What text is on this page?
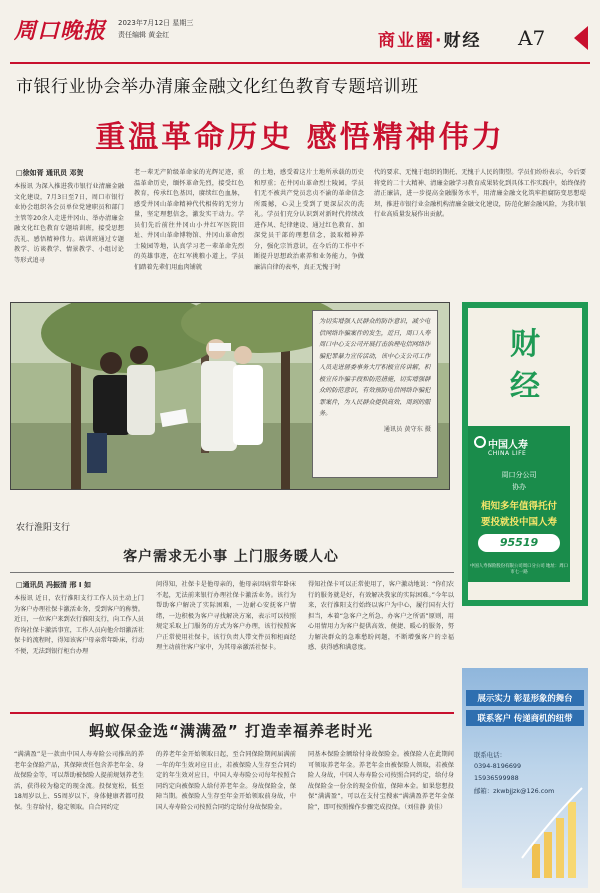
周口晚报 2023年7月12日 星期三
责任编辑 黄金红	商业圈·财经 A7
市银行业协会举办清廉金融文化红色教育专题培训班
重温革命历史 感悟精神伟力
□徐如胥 通讯员 邓贺
本报讯 为深入推进我市银行业清廉金融文化建设，7月3日至7日，周口市银行业协会组织各会员单位党建职员和部门主管等20余人走进井冈山、举办清廉金融文化红色教育专题培训班，接受思想洗礼、感悟精神伟力。培训班通过专题教学、访谈教学、情景教学、小组讨论等形式追寻
老一辈无产阶级革命家的光辉足迹，重温革命历史，缅怀革命先烈，接受红色教育，传承红色基因，赓续红色血脉，感受井冈山革命精神代代相传的无穷力量，坚定理想信念，激发实干动力。学员们先后前往井冈山小井红军医院旧址、井冈山革命博物馆、井冈山革命烈士陵园等地，认真学习老一辈革命先烈的英雄事迹，在红军挑粮小道上，学员们踏着先辈们用血肉铺就
的土地，感受着这片土地所承载的历史和厚重；在井冈山革命烈士陵园，学员们无不被共产党员忠贞不渝的革命信念所震撼，心灵上受到了更深层次的洗礼。学员们充分认识到对新时代持续改进作风、纪律建设、通过红色教育、加深党员干部的理想信念，汲取精神养分，强化宗旨意识，在今后的工作中不断提升思想政治素养和业务能力，争做廉洁自律的表率，真正无愧于时
代的要求、无愧于组织的期托、无愧于人民的期望。学员们纷纷表示，今后要将党的二十大精神、清廉金融学习教育成果转化到具体工作实践中，始终保持清正廉洁，进一步提高金融服务水平，用清廉金融文化筑牢拒腐防变思想堤坝，推进市银行业金融机构清廉金融文化建设，防范化解金融风险，为我市银行业高质量发展作出贡献。
为切实增强人民群众的防诈意识，减少电信网络诈骗案件的发生，近日，周口人寿周口中心支公司开展打击治理电信网络诈骗犯罪暴力宣传活动，该中心支公司工作人员走进居委事务大厅积极宣传讲解，积极宣传诈骗手段和防范措施，切实增强群众的防范意识，有效预防电信网络诈骗犯罪案件，为人民群众提供高效、周到的服务。
通讯员 黄守东 摄
财
经
中国人寿
CHINA LIFE
周口分公司
协办
相知多年值得托付
要投就投中国人寿
95519
中国人寿保险股份有限公司周口分公司 地址：周口市七一路
农行淮阳支行
客户需求无小事 上门服务暖人心
□通讯员 冯振清 邢 I 如
本报讯 近日，农行淮阳支行工作人员主动上门为客户办理社保卡激活业务，受到客户的称赞。近日，一位客户来到农行淮阳支行，向工作人员咨询社保卡激活事宜，工作人员向他介绍激活社保卡的流程时，得知该客户母亲常年卧床，行动不便，无法到银行柜台办理
问得知，社保卡是他母亲的，他母亲因病常年卧床不起，无法前来银行办理社保卡激活业务。该行为帮助客户解决了实际困难，一边耐心安抚客户情绪，一边积极为客户寻找解决方案，表示可以按照规定采取上门服务的方式为客户办理，该行按照客户正常使用社保卡，该行负责人带文件员和柜面经理主动前往客户家中，为其母亲激活社保卡。
得知社保卡可以正常使用了，客户激动地说：“你们农行的服务就是好，有效解决我家的实际困难。”今年以来，农行淮阳支行始终以客户为中心，履行国有大行担当，本着“急客户之所急，办客户之所需”原则，用心用情用力为客户提供高效、便捷、暖心的服务，努力解决群众的急难愁盼问题，不断增强客户的幸福感、获得感和满意度。
蚂蚁保金选“满满盈” 打造幸福养老时光
“满满盈”是一款由中国人寿寿险公司推出的养老年金保险产品，其保障责任包含养老年金、身故保险金等，可以帮助被保险人提前规划养老生活，获得较为稳定的现金流。投保宽松，低至18周岁以上、55周岁以下，身体健康者都可投保。生存给付，稳定领取。自合同约定
的养老年金开始领取日起，至合同保险期间届满前一年的年生效对应日止，若被保险人生存至合同约定的年生效对应日，中国人寿寿险公司每年按照合同约定向被保险人给付养老年金。身故保险金，保障当期。被保险人生存至年金开始领取前身故，中国人寿寿险公司按照合同约定给付身故保险金。
同基本保险金额给付身故保险金。被保险人在此期间可领取养老年金。养老年金由被保险人领取，若被保险人身故，中国人寿寿险公司按照合同约定，给付身故保险金一份余的现金价值，保障本金。如果您想投保“满满盈”，可以在支付宝搜索“满满盈养老年金保险”，即可按照操作步骤完成投保。（刘佳静 黄佳）
展示实力 彰显形象的舞台
联系客户 传递商机的纽带
联系电话：
0394-8196699
15936599988
邮箱：zkwbjjzk@126.com
